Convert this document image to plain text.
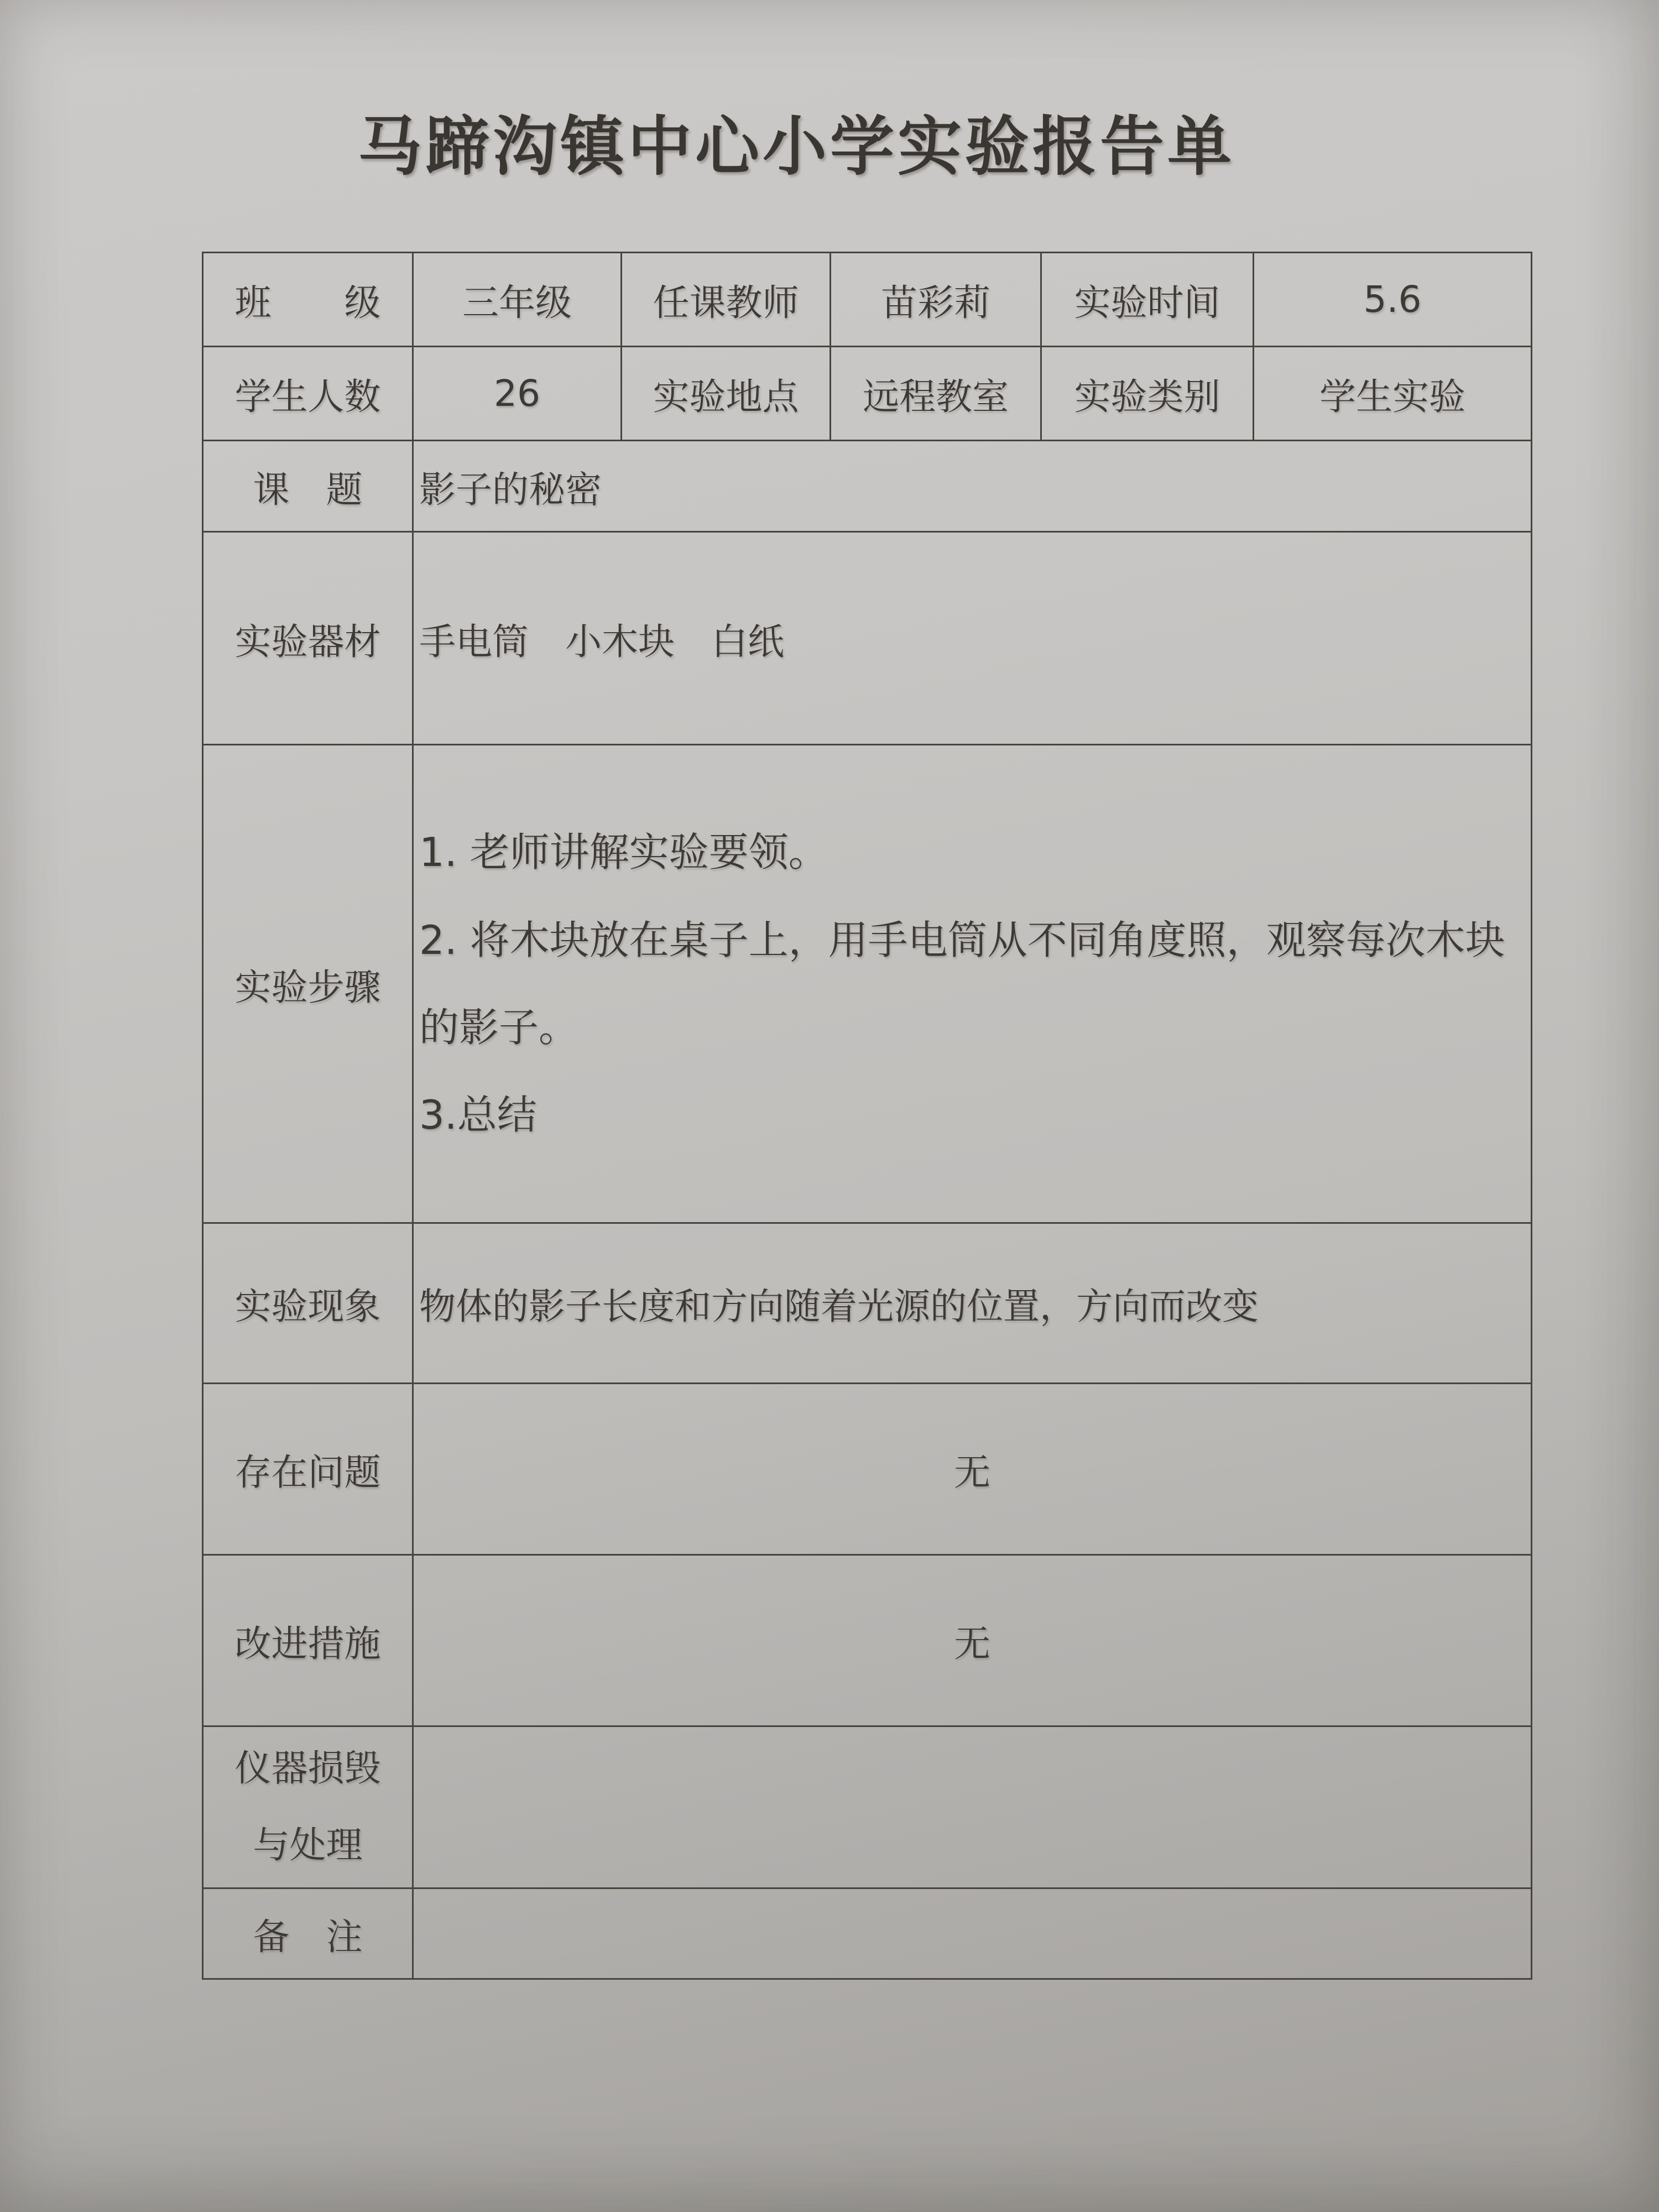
马蹄沟镇中心小学实验报告单
班　　级	三年级	任课教师	苗彩莉	实验时间	5.6
学生人数	26	实验地点	远程教室	实验类别	学生实验
课　题	影子的秘密				
实验器材	手电筒　小木块　白纸				
实验步骤	1. 老师讲解实验要领。

2. 将木块放在桌子上，用手电筒从不同角度照，观察每次木块的影子。

3.总结				

实验现象	物体的影子长度和方向随着光源的位置，方向而改变				
存在问题	无				
改进措施	无				

仪器损毁
与处理					

备　注					
